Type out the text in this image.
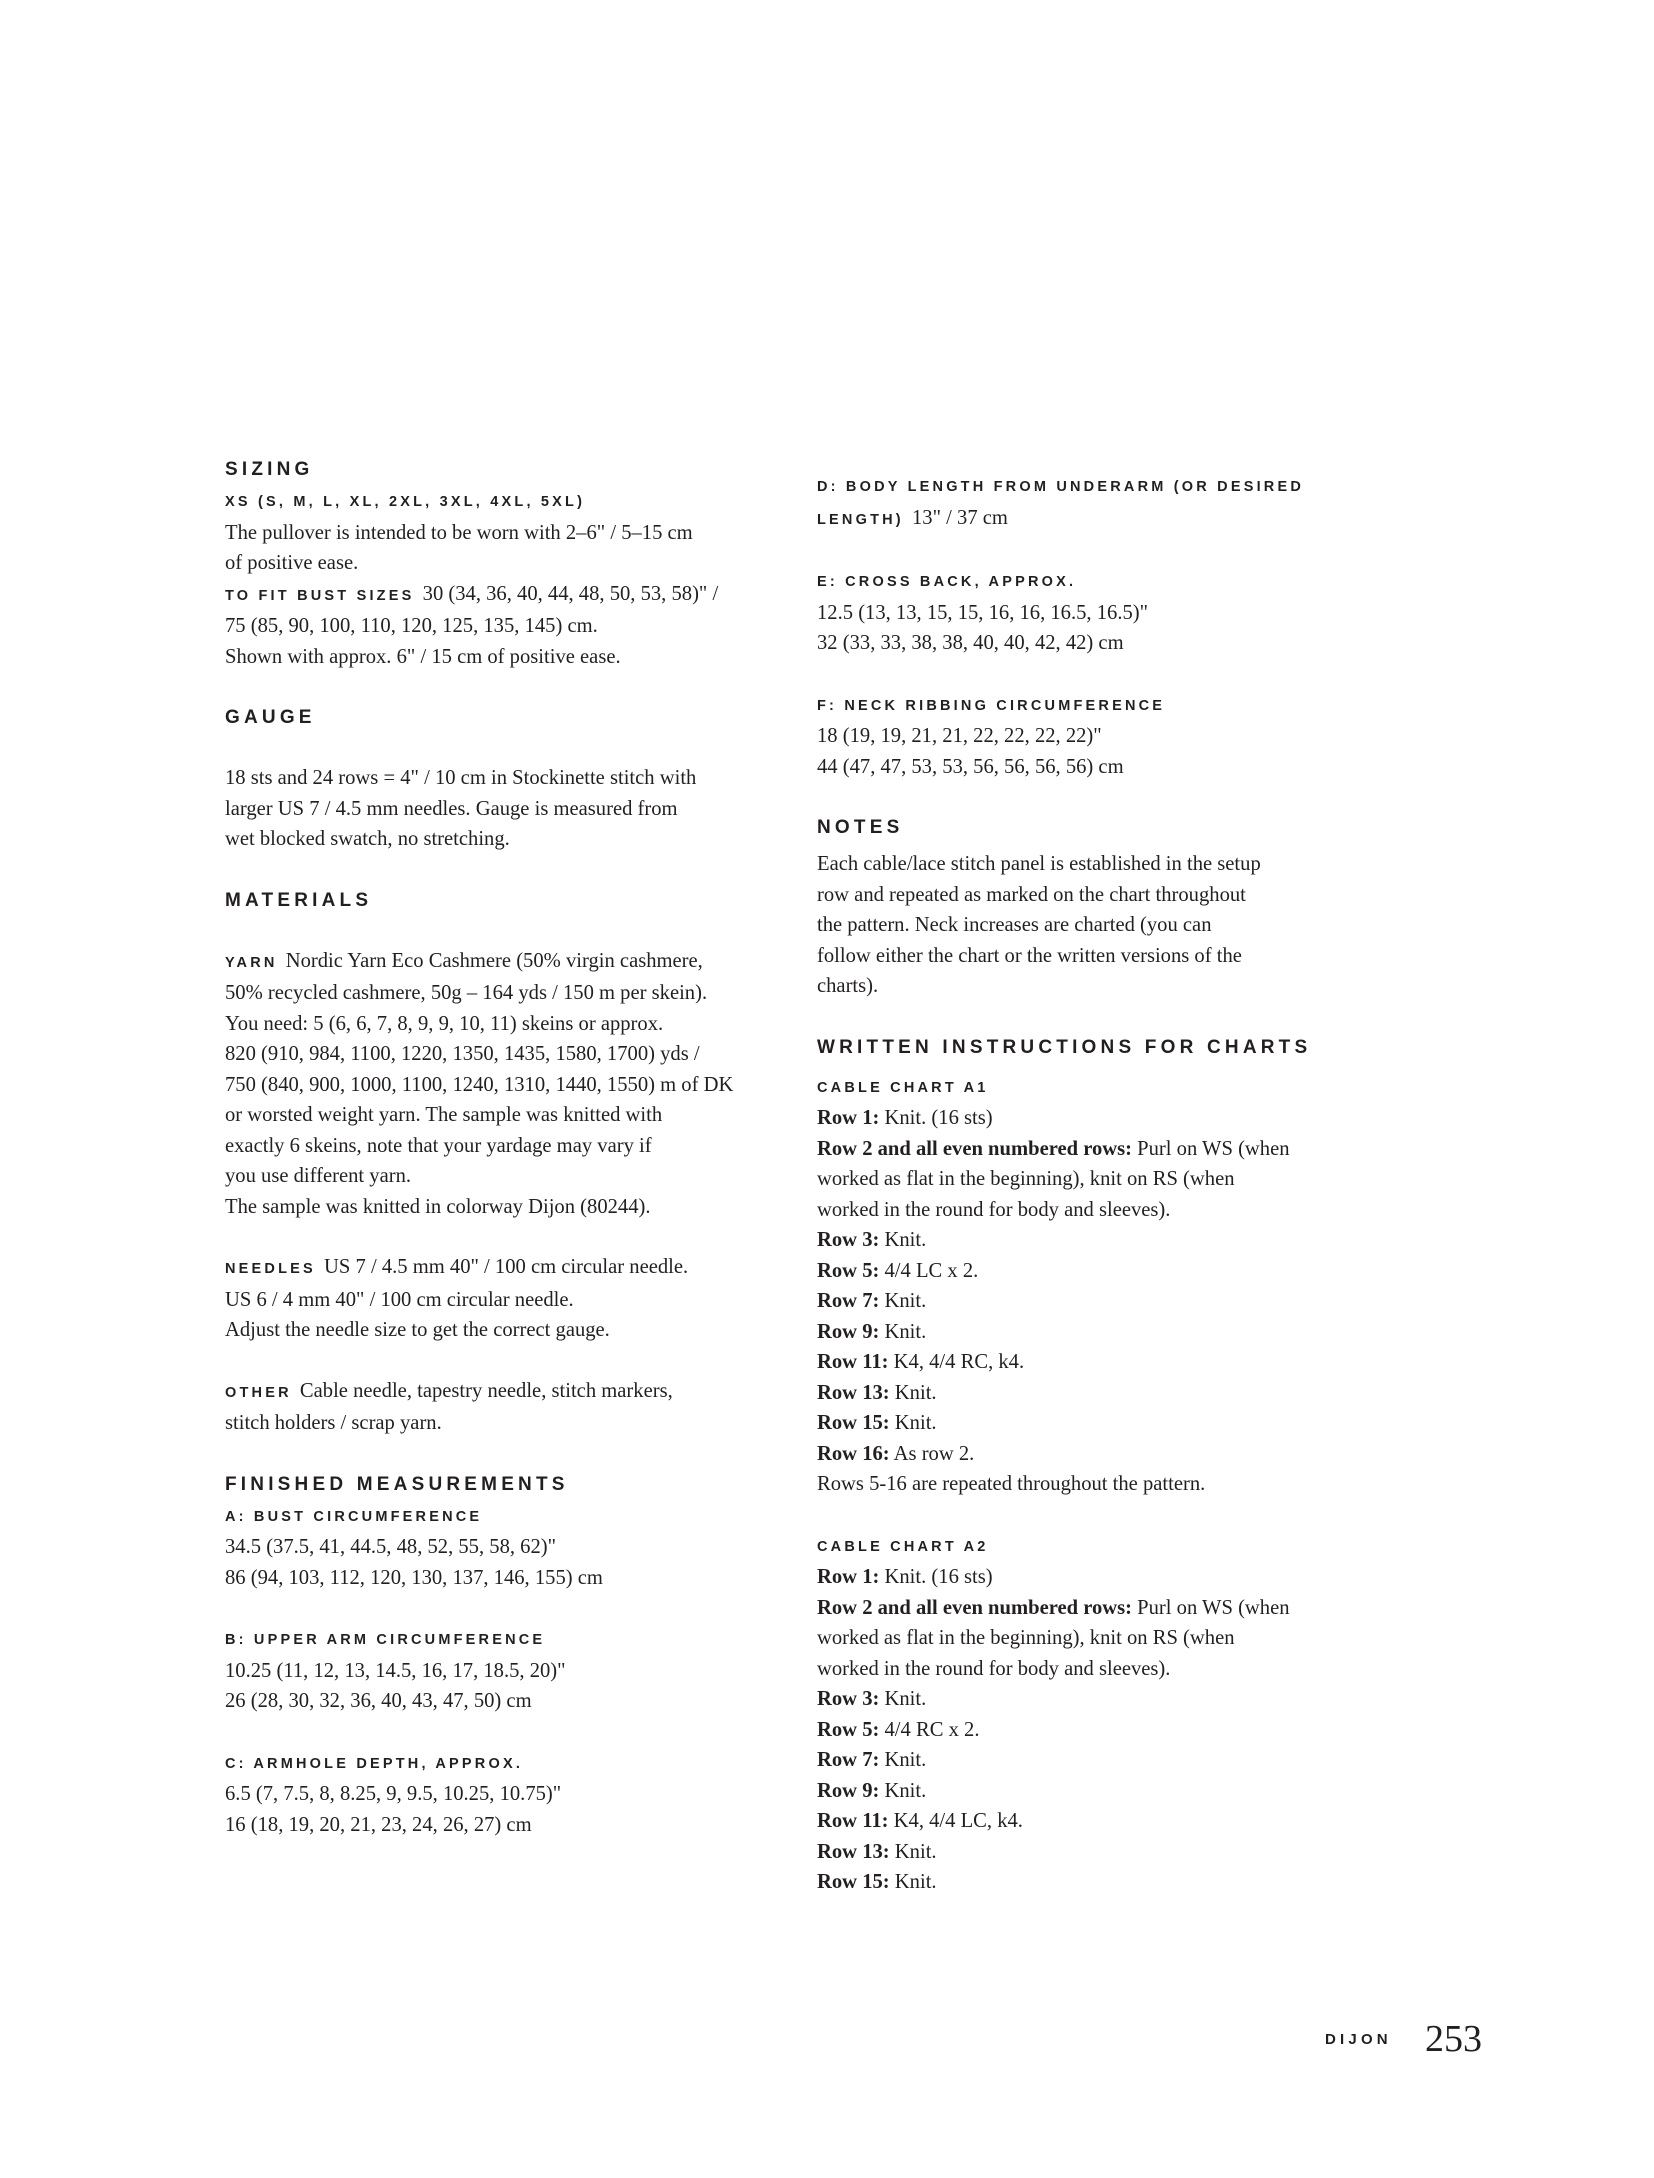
SIZING

XS (S, M, L, XL, 2XL, 3XL, 4XL, 5XL)

The pullover is intended to be worn with 2–6" / 5–15 cm

of positive ease.

TO FIT BUST SIZES 30 (34, 36, 40, 44, 48, 50, 53, 58)" /

75 (85, 90, 100, 110, 120, 125, 135, 145) cm.

Shown with approx. 6" / 15 cm of positive ease.

GAUGE

18 sts and 24 rows = 4" / 10 cm in Stockinette stitch with

larger US 7 / 4.5 mm needles. Gauge is measured from

wet blocked swatch, no stretching.

MATERIALS

YARN Nordic Yarn Eco Cashmere (50% virgin cashmere,

50% recycled cashmere, 50g – 164 yds / 150 m per skein).

You need: 5 (6, 6, 7, 8, 9, 9, 10, 11) skeins or approx.

820 (910, 984, 1100, 1220, 1350, 1435, 1580, 1700) yds /

750 (840, 900, 1000, 1100, 1240, 1310, 1440, 1550) m of DK

or worsted weight yarn. The sample was knitted with

exactly 6 skeins, note that your yardage may vary if

you use different yarn.

The sample was knitted in colorway Dijon (80244).

NEEDLES US 7 / 4.5 mm 40" / 100 cm circular needle.

US 6 / 4 mm 40" / 100 cm circular needle.

Adjust the needle size to get the correct gauge.

OTHER Cable needle, tapestry needle, stitch markers,

stitch holders / scrap yarn.

FINISHED MEASUREMENTS

A: BUST CIRCUMFERENCE

34.5 (37.5, 41, 44.5, 48, 52, 55, 58, 62)"

86 (94, 103, 112, 120, 130, 137, 146, 155) cm

B: UPPER ARM CIRCUMFERENCE

10.25 (11, 12, 13, 14.5, 16, 17, 18.5, 20)"

26 (28, 30, 32, 36, 40, 43, 47, 50) cm

C: ARMHOLE DEPTH, APPROX.

6.5 (7, 7.5, 8, 8.25, 9, 9.5, 10.25, 10.75)"

16 (18, 19, 20, 21, 23, 24, 26, 27) cm

D: BODY LENGTH FROM UNDERARM (OR DESIRED

LENGTH) 13" / 37 cm

E: CROSS BACK, APPROX.

12.5 (13, 13, 15, 15, 16, 16, 16.5, 16.5)"

32 (33, 33, 38, 38, 40, 40, 42, 42) cm

F: NECK RIBBING CIRCUMFERENCE

18 (19, 19, 21, 21, 22, 22, 22, 22)"

44 (47, 47, 53, 53, 56, 56, 56, 56) cm

NOTES

Each cable/lace stitch panel is established in the setup

row and repeated as marked on the chart throughout

the pattern. Neck increases are charted (you can

follow either the chart or the written versions of the

charts).

WRITTEN INSTRUCTIONS FOR CHARTS

CABLE CHART A1

Row 1: Knit. (16 sts)

Row 2 and all even numbered rows: Purl on WS (when

worked as flat in the beginning), knit on RS (when

worked in the round for body and sleeves).

Row 3: Knit.

Row 5: 4/4 LC x 2.

Row 7: Knit.

Row 9: Knit.

Row 11: K4, 4/4 RC, k4.

Row 13: Knit.

Row 15: Knit.

Row 16: As row 2.

Rows 5-16 are repeated throughout the pattern.

CABLE CHART A2

Row 1: Knit. (16 sts)

Row 2 and all even numbered rows: Purl on WS (when

worked as flat in the beginning), knit on RS (when

worked in the round for body and sleeves).

Row 3: Knit.

Row 5: 4/4 RC x 2.

Row 7: Knit.

Row 9: Knit.

Row 11: K4, 4/4 LC, k4.

Row 13: Knit.

Row 15: Knit.

DIJON 253
